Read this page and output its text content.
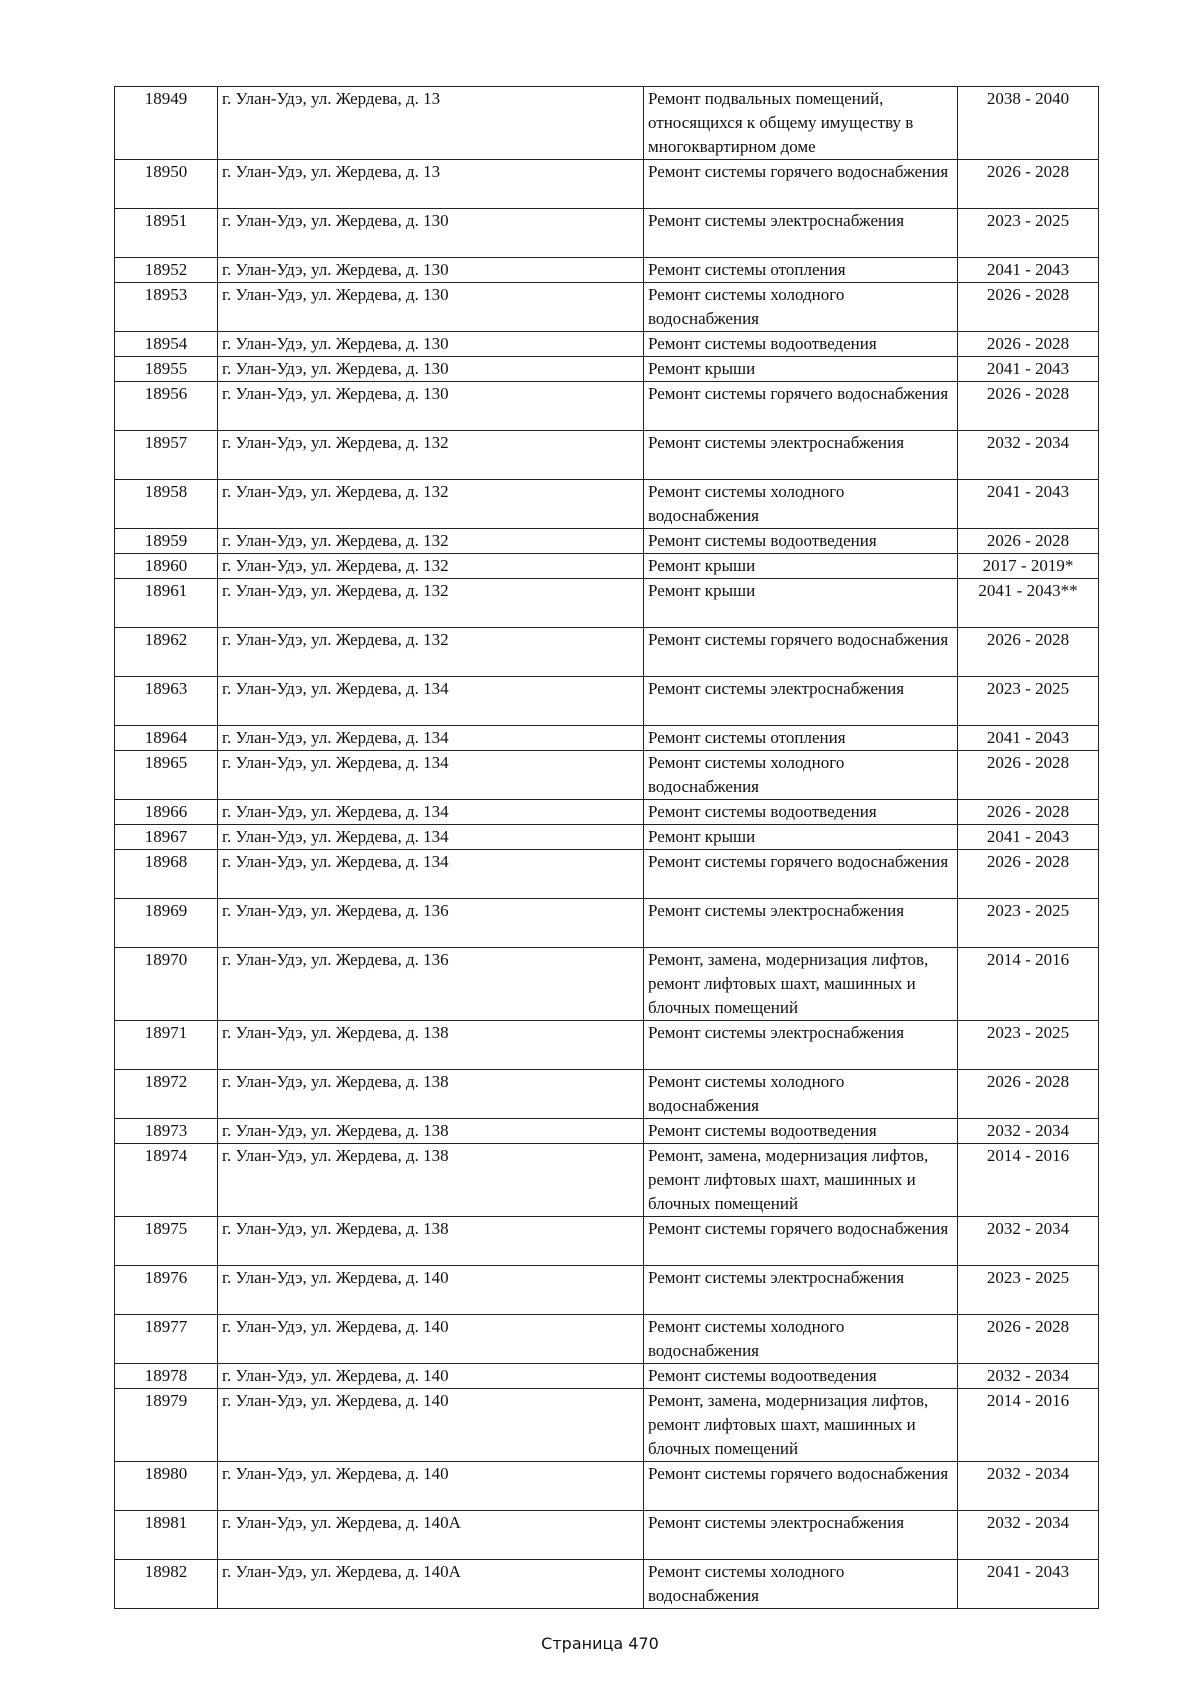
18949	г. Улан-Удэ, ул. Жердева, д. 13	Ремонт подвальных помещений, относящихся к общему имуществу в многоквартирном доме	2038 - 2040
18950	г. Улан-Удэ, ул. Жердева, д. 13	Ремонт системы горячего водоснабжения	2026 - 2028
18951	г. Улан-Удэ, ул. Жердева, д. 130	Ремонт системы электроснабжения	2023 - 2025
18952	г. Улан-Удэ, ул. Жердева, д. 130	Ремонт системы отопления	2041 - 2043
18953	г. Улан-Удэ, ул. Жердева, д. 130	Ремонт системы холодного водоснабжения	2026 - 2028
18954	г. Улан-Удэ, ул. Жердева, д. 130	Ремонт системы водоотведения	2026 - 2028
18955	г. Улан-Удэ, ул. Жердева, д. 130	Ремонт крыши	2041 - 2043
18956	г. Улан-Удэ, ул. Жердева, д. 130	Ремонт системы горячего водоснабжения	2026 - 2028
18957	г. Улан-Удэ, ул. Жердева, д. 132	Ремонт системы электроснабжения	2032 - 2034
18958	г. Улан-Удэ, ул. Жердева, д. 132	Ремонт системы холодного водоснабжения	2041 - 2043
18959	г. Улан-Удэ, ул. Жердева, д. 132	Ремонт системы водоотведения	2026 - 2028
18960	г. Улан-Удэ, ул. Жердева, д. 132	Ремонт крыши	2017 - 2019*
18961	г. Улан-Удэ, ул. Жердева, д. 132	Ремонт крыши	2041 - 2043**
18962	г. Улан-Удэ, ул. Жердева, д. 132	Ремонт системы горячего водоснабжения	2026 - 2028
18963	г. Улан-Удэ, ул. Жердева, д. 134	Ремонт системы электроснабжения	2023 - 2025
18964	г. Улан-Удэ, ул. Жердева, д. 134	Ремонт системы отопления	2041 - 2043
18965	г. Улан-Удэ, ул. Жердева, д. 134	Ремонт системы холодного водоснабжения	2026 - 2028
18966	г. Улан-Удэ, ул. Жердева, д. 134	Ремонт системы водоотведения	2026 - 2028
18967	г. Улан-Удэ, ул. Жердева, д. 134	Ремонт крыши	2041 - 2043
18968	г. Улан-Удэ, ул. Жердева, д. 134	Ремонт системы горячего водоснабжения	2026 - 2028
18969	г. Улан-Удэ, ул. Жердева, д. 136	Ремонт системы электроснабжения	2023 - 2025
18970	г. Улан-Удэ, ул. Жердева, д. 136	Ремонт, замена, модернизация лифтов, ремонт лифтовых шахт, машинных и блочных помещений	2014 - 2016
18971	г. Улан-Удэ, ул. Жердева, д. 138	Ремонт системы электроснабжения	2023 - 2025
18972	г. Улан-Удэ, ул. Жердева, д. 138	Ремонт системы холодного водоснабжения	2026 - 2028
18973	г. Улан-Удэ, ул. Жердева, д. 138	Ремонт системы водоотведения	2032 - 2034
18974	г. Улан-Удэ, ул. Жердева, д. 138	Ремонт, замена, модернизация лифтов, ремонт лифтовых шахт, машинных и блочных помещений	2014 - 2016
18975	г. Улан-Удэ, ул. Жердева, д. 138	Ремонт системы горячего водоснабжения	2032 - 2034
18976	г. Улан-Удэ, ул. Жердева, д. 140	Ремонт системы электроснабжения	2023 - 2025
18977	г. Улан-Удэ, ул. Жердева, д. 140	Ремонт системы холодного водоснабжения	2026 - 2028
18978	г. Улан-Удэ, ул. Жердева, д. 140	Ремонт системы водоотведения	2032 - 2034
18979	г. Улан-Удэ, ул. Жердева, д. 140	Ремонт, замена, модернизация лифтов, ремонт лифтовых шахт, машинных и блочных помещений	2014 - 2016
18980	г. Улан-Удэ, ул. Жердева, д. 140	Ремонт системы горячего водоснабжения	2032 - 2034
18981	г. Улан-Удэ, ул. Жердева, д. 140А	Ремонт системы электроснабжения	2032 - 2034
18982	г. Улан-Удэ, ул. Жердева, д. 140А	Ремонт системы холодного водоснабжения	2041 - 2043
Страница 470
